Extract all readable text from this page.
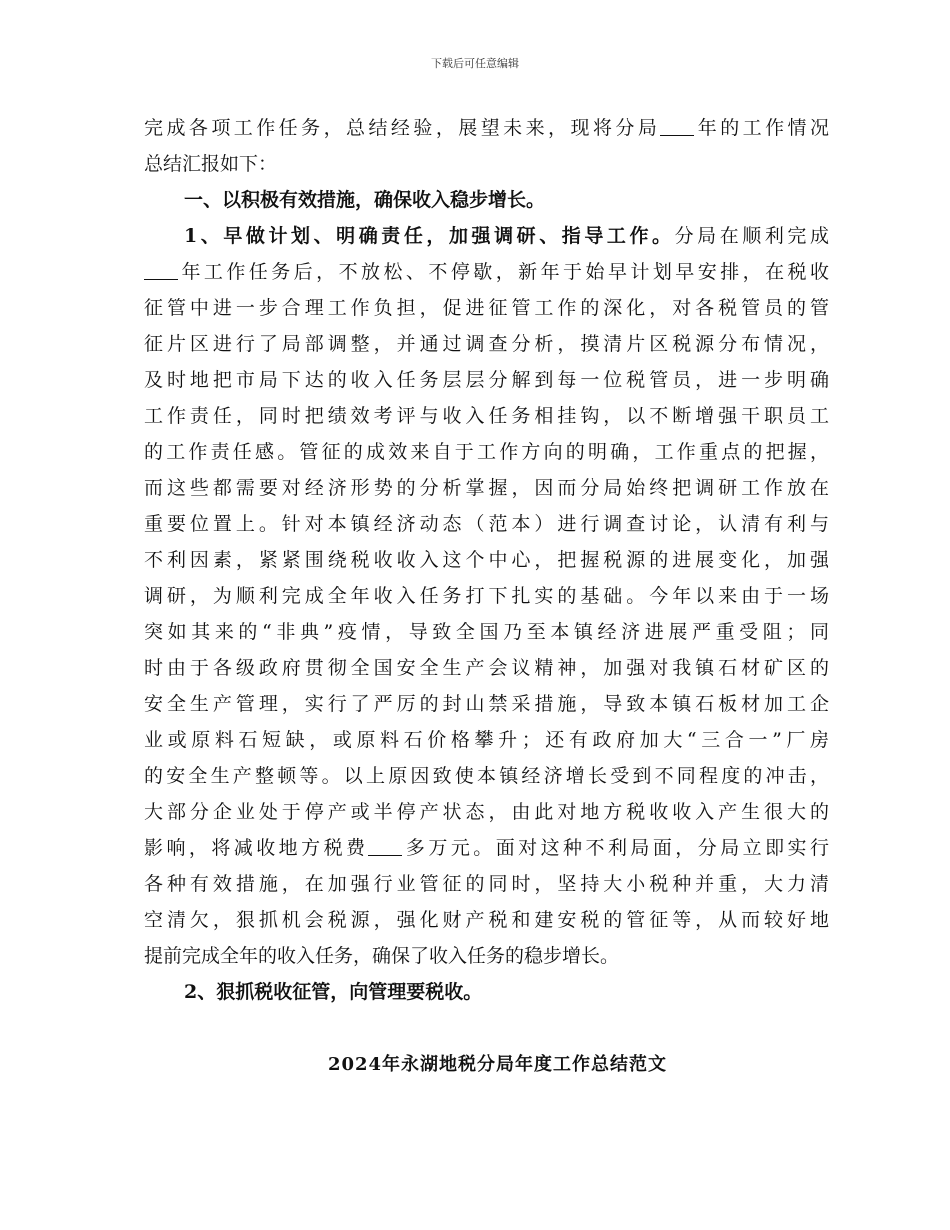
下载后可任意编辑
完成各项工作任务，总结经验，展望未来，现将分局 年的工作情况
总结汇报如下：
一、以积极有效措施，确保收入稳步增长。
1、早做计划、明确责任，加强调研、指导工作。分局在顺利完成
年工作任务后，不放松、不停歇，新年于始早计划早安排，在税收
征管中进一步合理工作负担，促进征管工作的深化，对各税管员的管
征片区进行了局部调整，并通过调查分析，摸清片区税源分布情况，
及时地把市局下达的收入任务层层分解到每一位税管员，进一步明确
工作责任，同时把绩效考评与收入任务相挂钩，以不断增强干职员工
的工作责任感。管征的成效来自于工作方向的明确，工作重点的把握，
而这些都需要对经济形势的分析掌握，因而分局始终把调研工作放在
重要位置上。针对本镇经济动态（范本）进行调查讨论，认清有利与
不利因素，紧紧围绕税收收入这个中心，把握税源的进展变化，加强
调研，为顺利完成全年收入任务打下扎实的基础。今年以来由于一场
突如其来的“非典”疫情，导致全国乃至本镇经济进展严重受阻；同
时由于各级政府贯彻全国安全生产会议精神，加强对我镇石材矿区的
安全生产管理，实行了严厉的封山禁采措施，导致本镇石板材加工企
业或原料石短缺，或原料石价格攀升；还有政府加大“三合一”厂房
的安全生产整顿等。以上原因致使本镇经济增长受到不同程度的冲击，
大部分企业处于停产或半停产状态，由此对地方税收收入产生很大的
影响，将减收地方税费 多万元。面对这种不利局面，分局立即实行
各种有效措施，在加强行业管征的同时，坚持大小税种并重，大力清
空清欠，狠抓机会税源，强化财产税和建安税的管征等，从而较好地
提前完成全年的收入任务，确保了收入任务的稳步增长。
2、狠抓税收征管，向管理要税收。
2024年永湖地税分局年度工作总结范文
